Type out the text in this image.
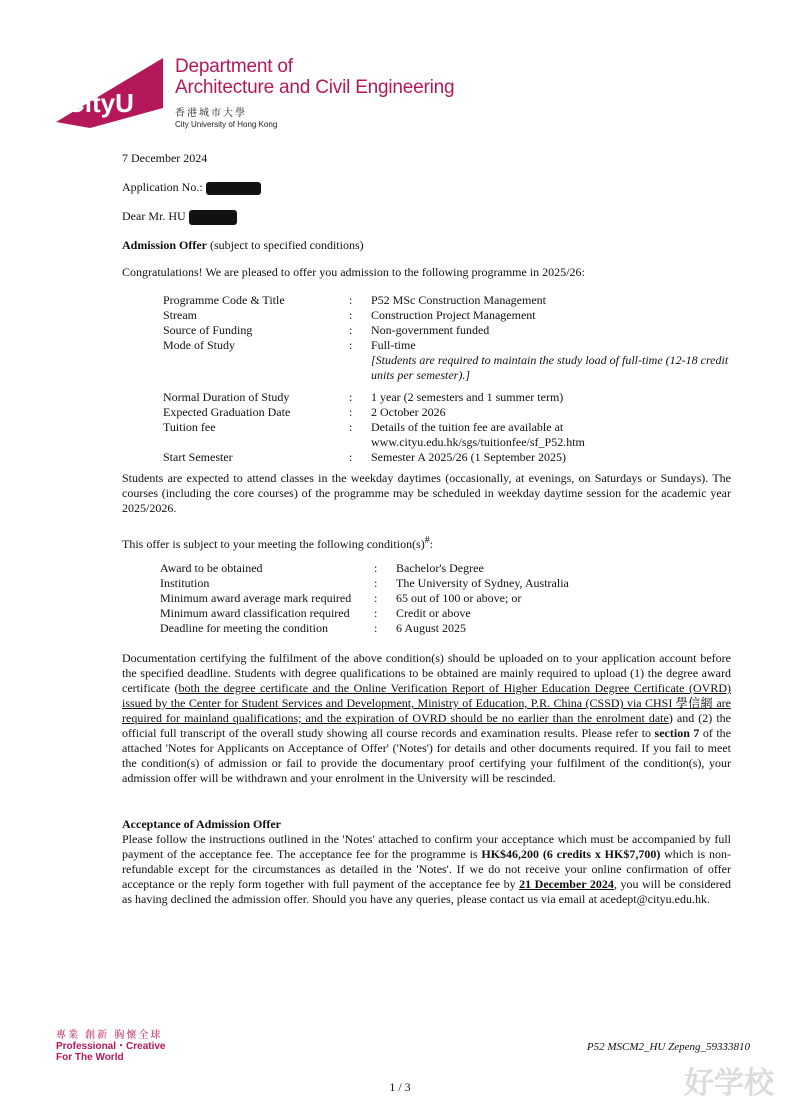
CityU
Department of
Architecture and Civil Engineering
香港城市大學
City University of Hong Kong
7 December 2024
Application No.:
Dear Mr. HU
Admission Offer (subject to specified conditions)
Congratulations! We are pleased to offer you admission to the following programme in 2025/26:
Programme Code & Title	: P52 MSc Construction Management
Stream	: Construction Project Management
Source of Funding	: Non-government funded
Mode of Study	: Full-time
[Students are required to maintain the study load of full-time (12-18 credit units per semester).]
Normal Duration of Study	: 1 year (2 semesters and 1 summer term)
Expected Graduation Date	: 2 October 2026
Tuition fee	: Details of the tuition fee are available at
www.cityu.edu.hk/sgs/tuitionfee/sf_P52.htm
Start Semester	: Semester A 2025/26 (1 September 2025)
Students are expected to attend classes in the weekday daytimes (occasionally, at evenings, on Saturdays or Sundays). The courses (including the core courses) of the programme may be scheduled in weekday daytime session for the academic year 2025/2026.
This offer is subject to your meeting the following condition(s)#:
Award to be obtained	: Bachelor's Degree
Institution	: The University of Sydney, Australia
Minimum award average mark required : 65 out of 100 or above; or
Minimum award classification required : Credit or above
Deadline for meeting the condition	: 6 August 2025
Documentation certifying the fulfilment of the above condition(s) should be uploaded on to your application account before the specified deadline. Students with degree qualifications to be obtained are mainly required to upload (1) the degree award certificate (both the degree certificate and the Online Verification Report of Higher Education Degree Certificate (OVRD) issued by the Center for Student Services and Development, Ministry of Education, P.R. China (CSSD) via CHSI 學信網 are required for mainland qualifications; and the expiration of OVRD should be no earlier than the enrolment date) and (2) the official full transcript of the overall study showing all course records and examination results. Please refer to section 7 of the attached 'Notes for Applicants on Acceptance of Offer' ('Notes') for details and other documents required. If you fail to meet the condition(s) of admission or fail to provide the documentary proof certifying your fulfilment of the condition(s), your admission offer will be withdrawn and your enrolment in the University will be rescinded.
Acceptance of Admission Offer
Please follow the instructions outlined in the 'Notes' attached to confirm your acceptance which must be accompanied by full payment of the acceptance fee. The acceptance fee for the programme is HK$46,200 (6 credits x HK$7,700) which is non-refundable except for the circumstances as detailed in the 'Notes'. If we do not receive your online confirmation of offer acceptance or the reply form together with full payment of the acceptance fee by 21 December 2024, you will be considered as having declined the admission offer. Should you have any queries, please contact us via email at acedept@cityu.edu.hk.
專業 創新 胸懷全球
Professional・Creative
For The World
P52 MSCM2_HU Zepeng_59333810
1 / 3	好学校
